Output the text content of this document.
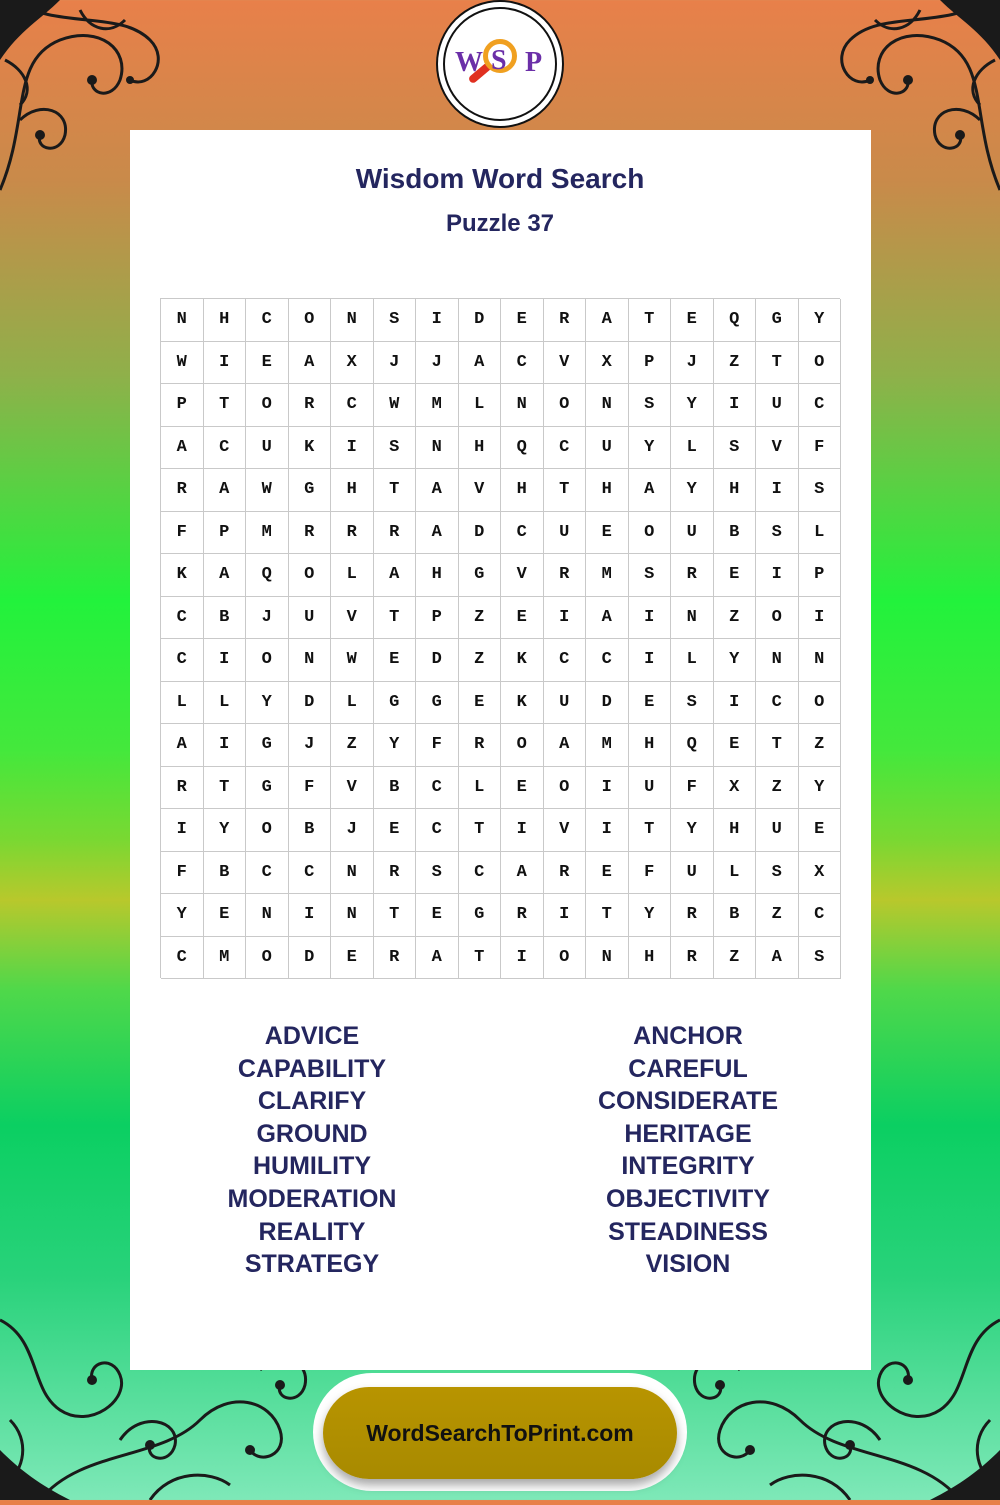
W S P
Wisdom Word Search
Puzzle 37
N	H	C	O	N	S	I	D	E	R	A	T	E	Q	G	Y
W	I	E	A	X	J	J	A	C	V	X	P	J	Z	T	O
P	T	O	R	C	W	M	L	N	O	N	S	Y	I	U	C
A	C	U	K	I	S	N	H	Q	C	U	Y	L	S	V	F
R	A	W	G	H	T	A	V	H	T	H	A	Y	H	I	S
F	P	M	R	R	R	A	D	C	U	E	O	U	B	S	L
K	A	Q	O	L	A	H	G	V	R	M	S	R	E	I	P
C	B	J	U	V	T	P	Z	E	I	A	I	N	Z	O	I
C	I	O	N	W	E	D	Z	K	C	C	I	L	Y	N	N
L	L	Y	D	L	G	G	E	K	U	D	E	S	I	C	O
A	I	G	J	Z	Y	F	R	O	A	M	H	Q	E	T	Z
R	T	G	F	V	B	C	L	E	O	I	U	F	X	Z	Y
I	Y	O	B	J	E	C	T	I	V	I	T	Y	H	U	E
F	B	C	C	N	R	S	C	A	R	E	F	U	L	S	X
Y	E	N	I	N	T	E	G	R	I	T	Y	R	B	Z	C
C	M	O	D	E	R	A	T	I	O	N	H	R	Z	A	S
ADVICE
CAPABILITY
CLARIFY
GROUND
HUMILITY
MODERATION
REALITY
STRATEGY
ANCHOR
CAREFUL
CONSIDERATE
HERITAGE
INTEGRITY
OBJECTIVITY
STEADINESS
VISION
WordSearchToPrint.com
